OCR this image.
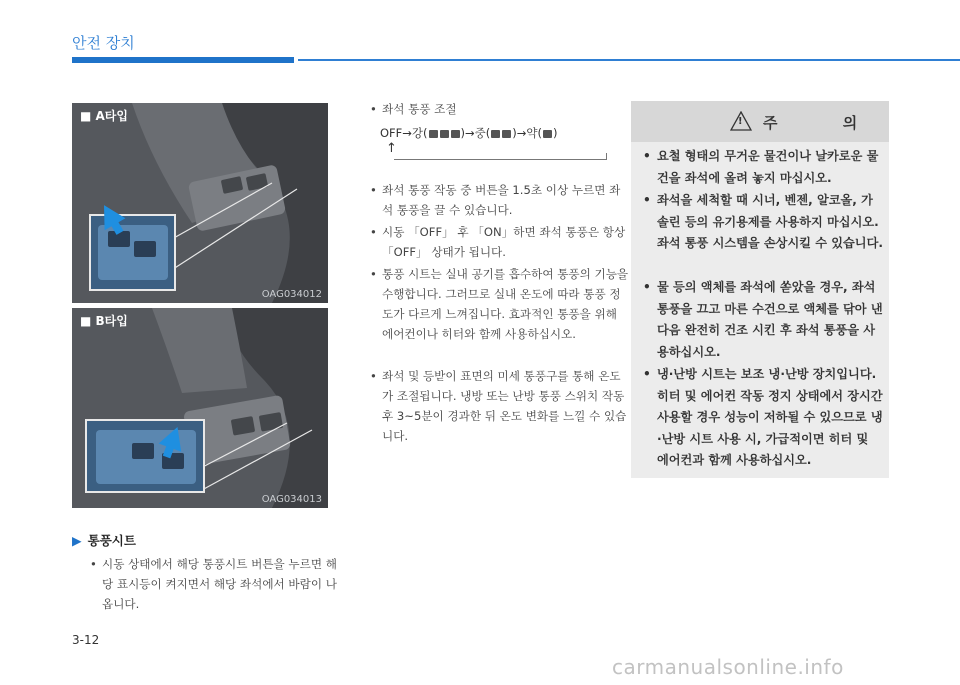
안전 장치
■ A타입
OAG034012
■ B타입
OAG034013
▶ 통풍시트
• 시동 상태에서 해당 통풍시트 버튼을 누르면 해당 표시등이 켜지면서 해당 좌석에서 바람이 나옵니다.
• 좌석 통풍 조절
OFF→강(	)→중( )→약( )
↑
• 좌석 통풍 작동 중 버튼을 1.5초 이상 누르면 좌석 통풍을 끌 수 있습니다.
• 시동 「OFF」 후 「ON」하면 좌석 통풍은 항상 「OFF」 상태가 됩니다.
• 통풍 시트는 실내 공기를 흡수하여 통풍의 기능을 수행합니다. 그러므로 실내 온도에 따라 통풍 정도가 다르게 느껴집니다. 효과적인 통풍을 위해 에어컨이나 히터와 함께 사용하십시오.
• 좌석 및 등받이 표면의 미세 통풍구를 통해 온도가 조절됩니다. 냉방 또는 난방 통풍 스위치 작동 후 3~5분이 경과한 뒤 온도 변화를 느낄 수 있습니다.
! 주 의
• 요철 형태의 무거운 물건이나 날카로운 물건을 좌석에 올려 놓지 마십시오.
• 좌석을 세척할 때 시너, 벤젠, 알코올, 가솔린 등의 유기용제를 사용하지 마십시오. 좌석 통풍 시스템을 손상시킬 수 있습니다.
• 물 등의 액체를 좌석에 쏟았을 경우, 좌석 통풍을 끄고 마른 수건으로 액체를 닦아 낸 다음 완전히 건조 시킨 후 좌석 통풍을 사용하십시오.
• 냉·난방 시트는 보조 냉·난방 장치입니다. 히터 및 에어컨 작동 정지 상태에서 장시간 사용할 경우 성능이 저하될 수 있으므로 냉·난방 시트 사용 시, 가급적이면 히터 및 에어컨과 함께 사용하십시오.
3-12
carmanualsonline.info
